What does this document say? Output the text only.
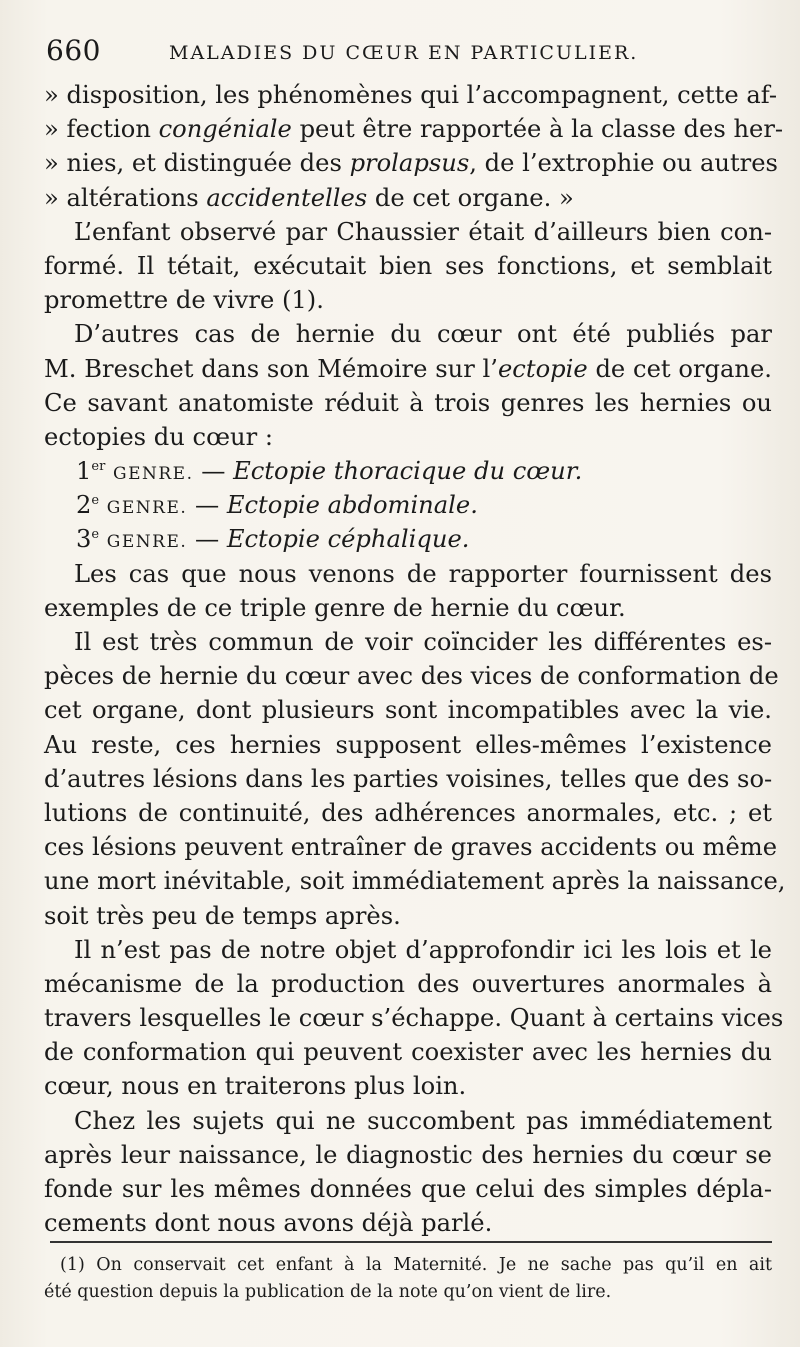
660	MALADIES DU CŒUR EN PARTICULIER.
» disposition, les phénomènes qui l’accompagnent, cette af-
» fection congéniale peut être rapportée à la classe des her-
» nies, et distinguée des prolapsus, de l’extrophie ou autres
» altérations accidentelles de cet organe. »
L’enfant observé par Chaussier était d’ailleurs bien con-
formé. Il tétait, exécutait bien ses fonctions, et semblait
promettre de vivre (1).
D’autres cas de hernie du cœur ont été publiés par
M. Breschet dans son Mémoire sur l’ectopie de cet organe.
Ce savant anatomiste réduit à trois genres les hernies ou
ectopies du cœur :
1er GENRE. — Ectopie thoracique du cœur.
2e GENRE. — Ectopie abdominale.
3e GENRE. — Ectopie céphalique.
Les cas que nous venons de rapporter fournissent des
exemples de ce triple genre de hernie du cœur.
Il est très commun de voir coïncider les différentes es-
pèces de hernie du cœur avec des vices de conformation de
cet organe, dont plusieurs sont incompatibles avec la vie.
Au reste, ces hernies supposent elles-mêmes l’existence
d’autres lésions dans les parties voisines, telles que des so-
lutions de continuité, des adhérences anormales, etc. ; et
ces lésions peuvent entraîner de graves accidents ou même
une mort inévitable, soit immédiatement après la naissance,
soit très peu de temps après.
Il n’est pas de notre objet d’approfondir ici les lois et le
mécanisme de la production des ouvertures anormales à
travers lesquelles le cœur s’échappe. Quant à certains vices
de conformation qui peuvent coexister avec les hernies du
cœur, nous en traiterons plus loin.
Chez les sujets qui ne succombent pas immédiatement
après leur naissance, le diagnostic des hernies du cœur se
fonde sur les mêmes données que celui des simples dépla-
cements dont nous avons déjà parlé.
(1) On conservait cet enfant à la Maternité. Je ne sache pas qu’il en ait
été question depuis la publication de la note qu’on vient de lire.
